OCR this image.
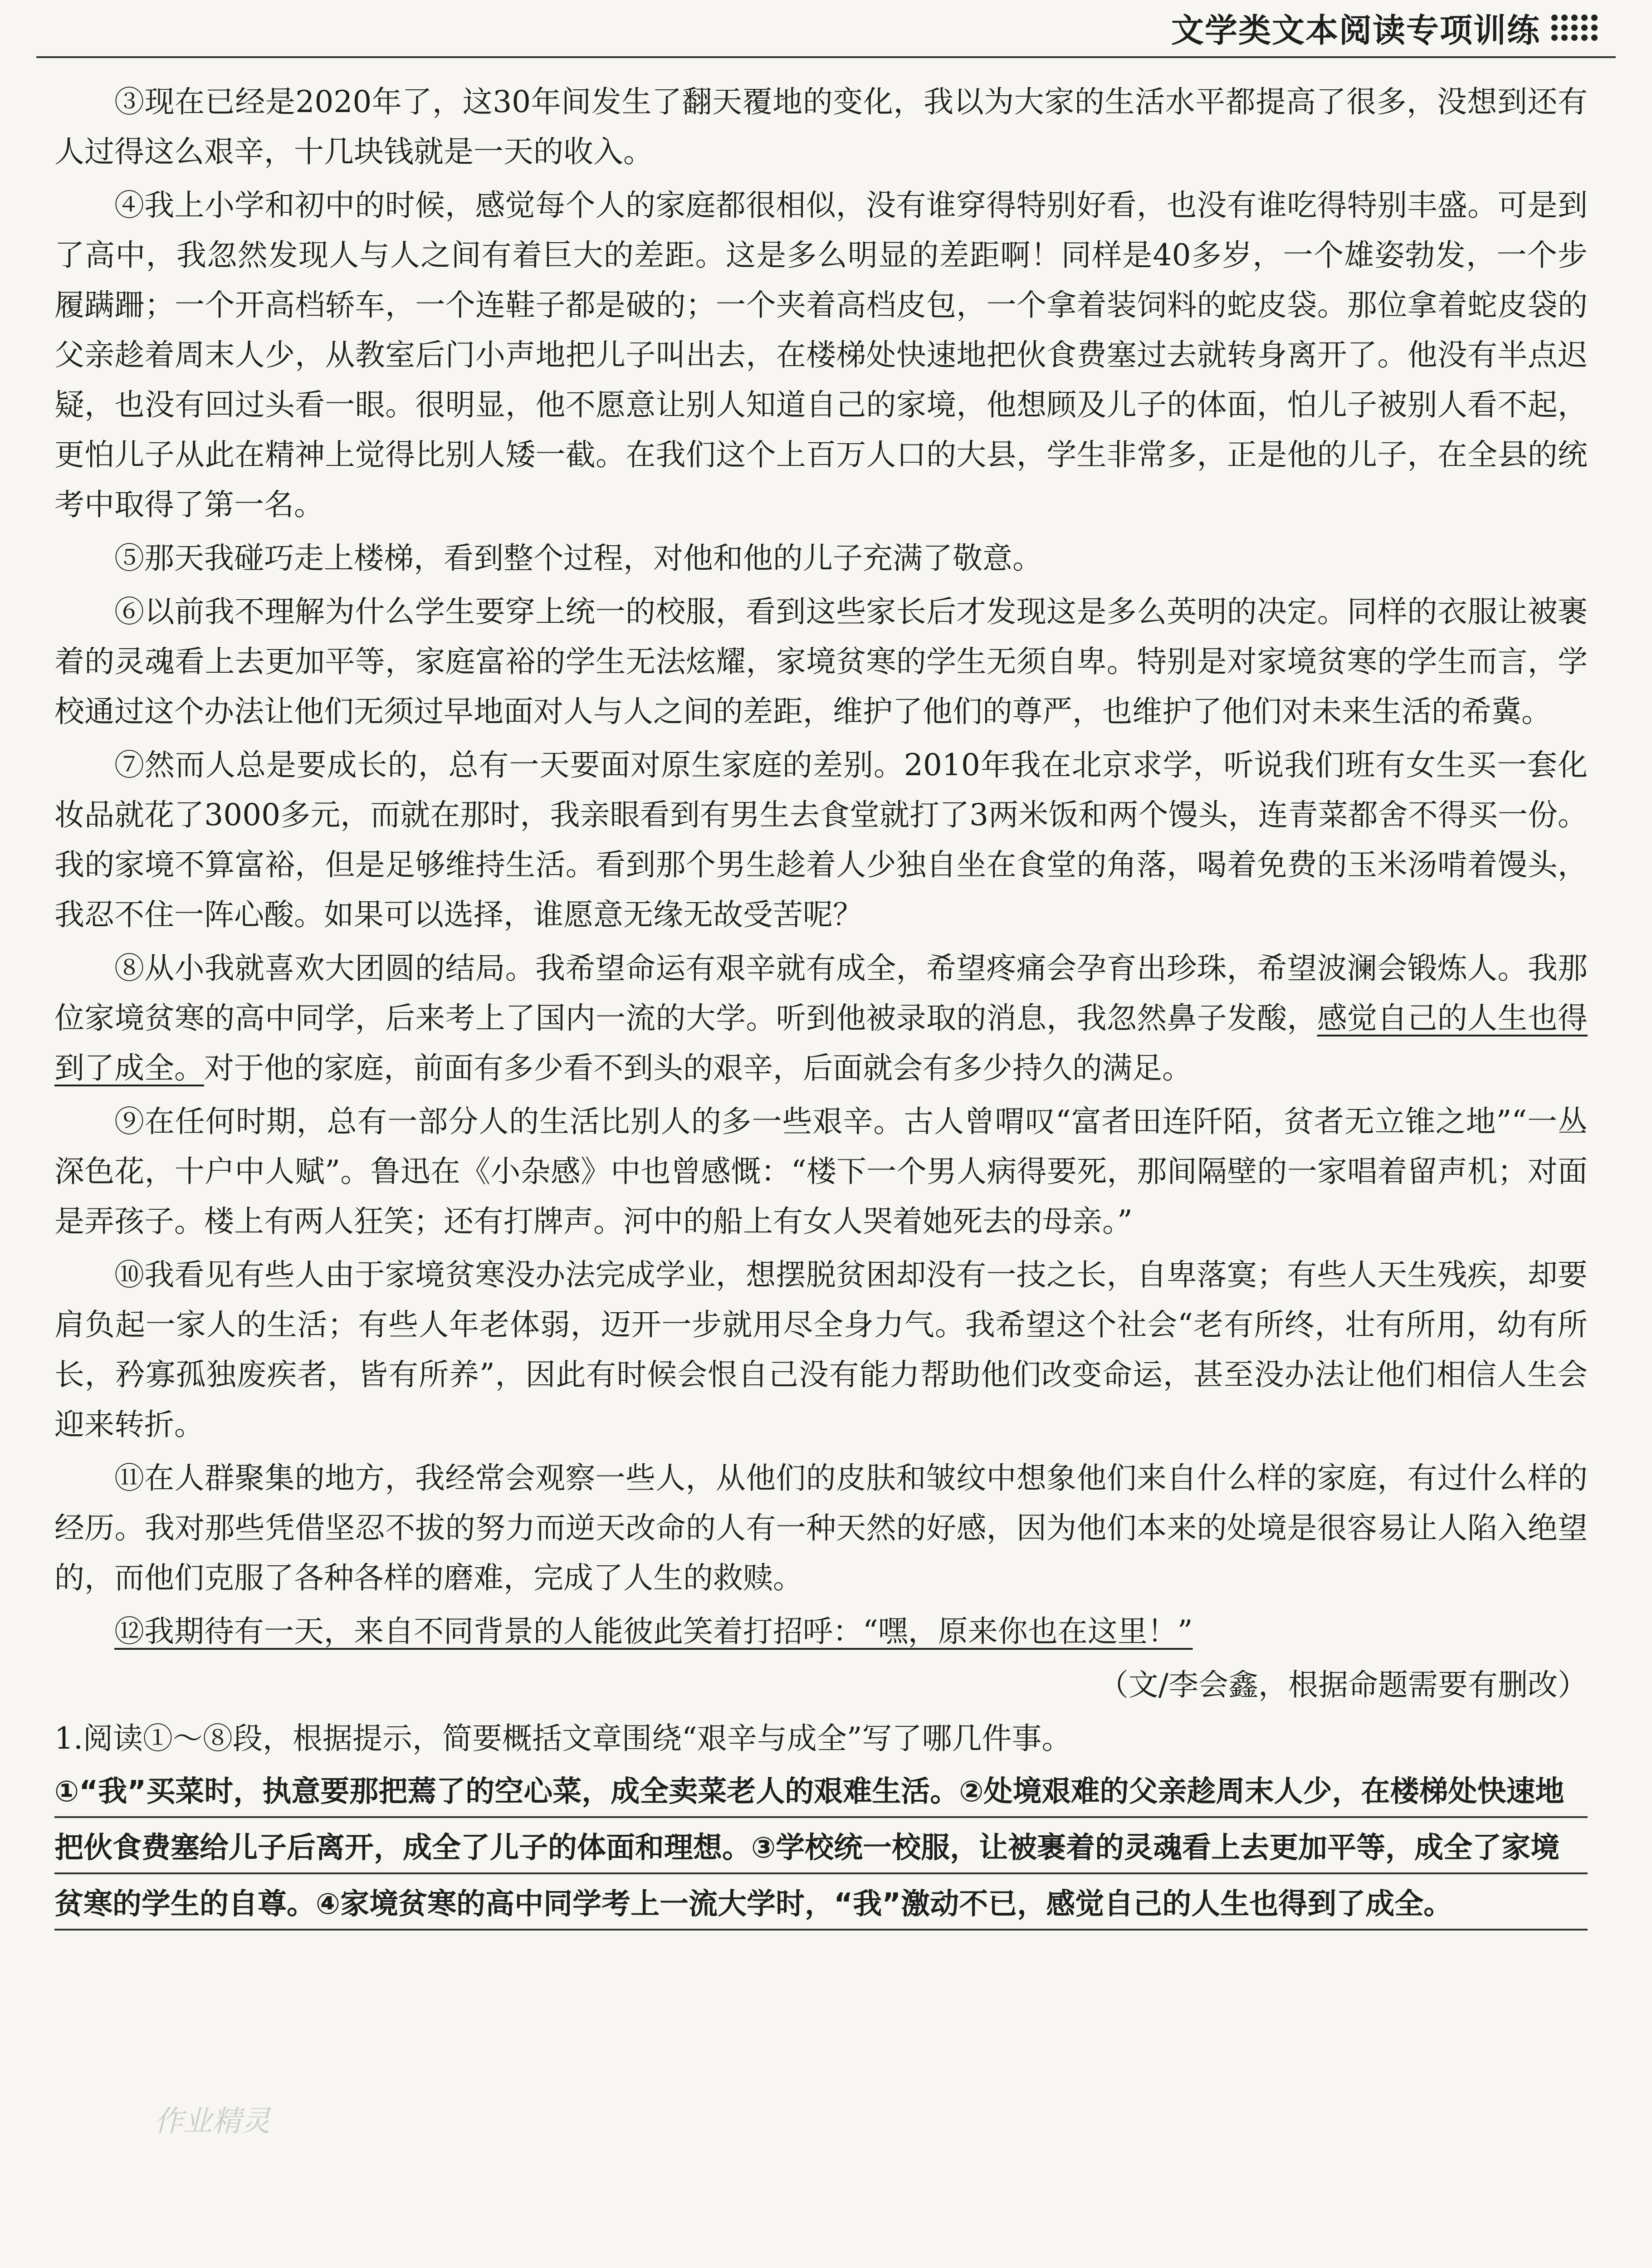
文学类文本阅读专项训练

③现在已经是2020年了，这30年间发生了翻天覆地的变化，我以为大家的生活水平都提高了很多，没想到还有人过得这么艰辛，十几块钱就是一天的收入。

④我上小学和初中的时候，感觉每个人的家庭都很相似，没有谁穿得特别好看，也没有谁吃得特别丰盛。可是到了高中，我忽然发现人与人之间有着巨大的差距。这是多么明显的差距啊！同样是40多岁，一个雄姿勃发，一个步履蹒跚；一个开高档轿车，一个连鞋子都是破的；一个夹着高档皮包，一个拿着装饲料的蛇皮袋。那位拿着蛇皮袋的父亲趁着周末人少，从教室后门小声地把儿子叫出去，在楼梯处快速地把伙食费塞过去就转身离开了。他没有半点迟疑，也没有回过头看一眼。很明显，他不愿意让别人知道自己的家境，他想顾及儿子的体面，怕儿子被别人看不起，更怕儿子从此在精神上觉得比别人矮一截。在我们这个上百万人口的大县，学生非常多，正是他的儿子，在全县的统考中取得了第一名。

⑤那天我碰巧走上楼梯，看到整个过程，对他和他的儿子充满了敬意。

⑥以前我不理解为什么学生要穿上统一的校服，看到这些家长后才发现这是多么英明的决定。同样的衣服让被裹着的灵魂看上去更加平等，家庭富裕的学生无法炫耀，家境贫寒的学生无须自卑。特别是对家境贫寒的学生而言，学校通过这个办法让他们无须过早地面对人与人之间的差距，维护了他们的尊严，也维护了他们对未来生活的希冀。

⑦然而人总是要成长的，总有一天要面对原生家庭的差别。2010年我在北京求学，听说我们班有女生买一套化妆品就花了3000多元，而就在那时，我亲眼看到有男生去食堂就打了3两米饭和两个馒头，连青菜都舍不得买一份。我的家境不算富裕，但是足够维持生活。看到那个男生趁着人少独自坐在食堂的角落，喝着免费的玉米汤啃着馒头，我忍不住一阵心酸。如果可以选择，谁愿意无缘无故受苦呢？

⑧从小我就喜欢大团圆的结局。我希望命运有艰辛就有成全，希望疼痛会孕育出珍珠，希望波澜会锻炼人。我那位家境贫寒的高中同学，后来考上了国内一流的大学。听到他被录取的消息，我忽然鼻子发酸，感觉自己的人生也得到了成全。对于他的家庭，前面有多少看不到头的艰辛，后面就会有多少持久的满足。

⑨在任何时期，总有一部分人的生活比别人的多一些艰辛。古人曾喟叹“富者田连阡陌，贫者无立锥之地”“一丛深色花，十户中人赋”。鲁迅在《小杂感》中也曾感慨：“楼下一个男人病得要死，那间隔壁的一家唱着留声机；对面是弄孩子。楼上有两人狂笑；还有打牌声。河中的船上有女人哭着她死去的母亲。”

⑩我看见有些人由于家境贫寒没办法完成学业，想摆脱贫困却没有一技之长，自卑落寞；有些人天生残疾，却要肩负起一家人的生活；有些人年老体弱，迈开一步就用尽全身力气。我希望这个社会“老有所终，壮有所用，幼有所长，矜寡孤独废疾者，皆有所养”，因此有时候会恨自己没有能力帮助他们改变命运，甚至没办法让他们相信人生会迎来转折。

⑪在人群聚集的地方，我经常会观察一些人，从他们的皮肤和皱纹中想象他们来自什么样的家庭，有过什么样的经历。我对那些凭借坚忍不拔的努力而逆天改命的人有一种天然的好感，因为他们本来的处境是很容易让人陷入绝望的，而他们克服了各种各样的磨难，完成了人生的救赎。

⑫我期待有一天，来自不同背景的人能彼此笑着打招呼：“嘿，原来你也在这里！”

（文/李会鑫，根据命题需要有删改）

1.阅读①～⑧段，根据提示，简要概括文章围绕“艰辛与成全”写了哪几件事。

①“我”买菜时，执意要那把蔫了的空心菜，成全卖菜老人的艰难生活。②处境艰难的父亲趁周末人少，在楼梯处快速地把伙食费塞给儿子后离开，成全了儿子的体面和理想。③学校统一校服，让被裹着的灵魂看上去更加平等，成全了家境贫寒的学生的自尊。④家境贫寒的高中同学考上一流大学时，“我”激动不已，感觉自己的人生也得到了成全。

作业精灵
